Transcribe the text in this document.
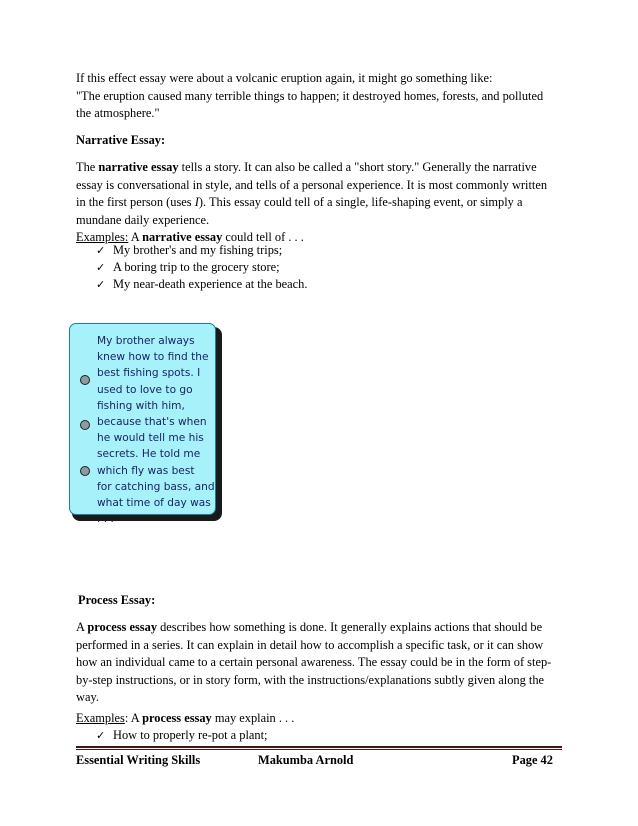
If this effect essay were about a volcanic eruption again, it might go something like:
"The eruption caused many terrible things to happen; it destroyed homes, forests, and polluted
the atmosphere."
Narrative Essay:
The narrative essay tells a story. It can also be called a "short story." Generally the narrative
essay is conversational in style, and tells of a personal experience. It is most commonly written
in the first person (uses I). This essay could tell of a single, life-shaping event, or simply a
mundane daily experience.
Examples: A narrative essay could tell of . . .
✓ My brother's and my fishing trips;
✓ A boring trip to the grocery store;
✓ My near-death experience at the beach.
My brother always
knew how to find the
best fishing spots. I
used to love to go
fishing with him,
because that's when
he would tell me his
secrets. He told me
which fly was best
for catching bass, and
what time of day was
. . .
Process Essay:
A process essay describes how something is done. It generally explains actions that should be
performed in a series. It can explain in detail how to accomplish a specific task, or it can show
how an individual came to a certain personal awareness. The essay could be in the form of step-
by-step instructions, or in story form, with the instructions/explanations subtly given along the
way.
Examples: A process essay may explain . . .
✓ How to properly re-pot a plant;
Essential Writing Skills	Makumba Arnold	Page 42
